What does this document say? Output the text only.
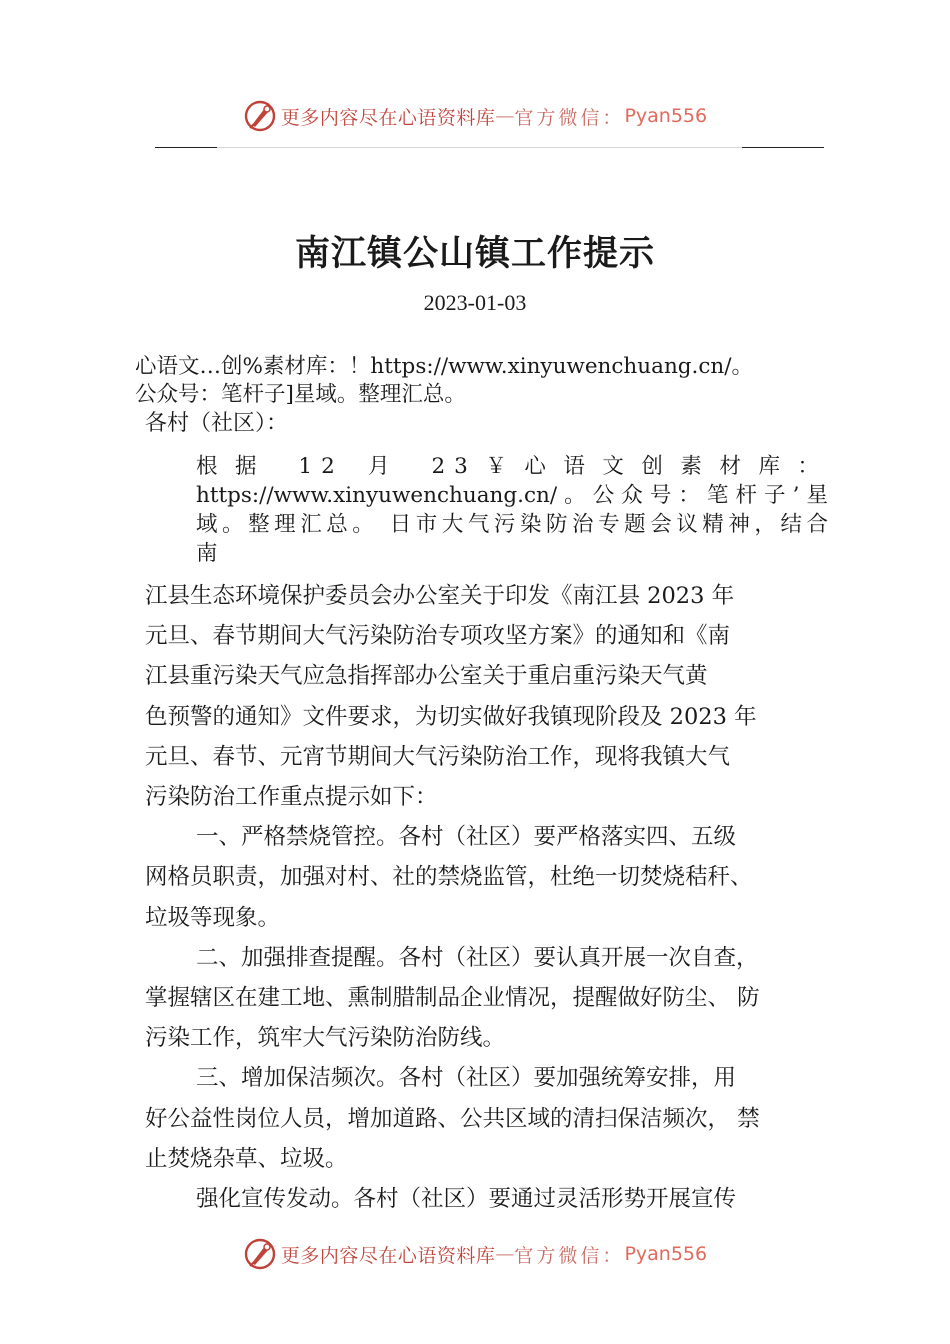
更多内容尽在心语资料库 — 官方微信： Pyan556
南江镇公山镇工作提示
2023-01-03
心语文…创%素材库：！https://www.xinyuwenchuang.cn/。
公众号：笔杆子]星域。整理汇总。
各村（社区）：
根据 12 月 23￥心语文创素材库：
https://www.xinyuwenchuang.cn/。公众号：笔杆子’星
域。整理汇总。 日市大气污染防治专题会议精神，结合
南

江县生态环境保护委员会办公室关于印发《南江县 2023 年
元旦、春节期间大气污染防治专项攻坚方案》的通知和《南
江县重污染天气应急指挥部办公室关于重启重污染天气黄
色预警的通知》文件要求，为切实做好我镇现阶段及 2023 年
元旦、春节、元宵节期间大气污染防治工作，现将我镇大气
污染防治工作重点提示如下：

一、严格禁烧管控。各村（社区）要严格落实四、五级
网格员职责，加强对村、社的禁烧监管，杜绝一切焚烧秸秆、
垃圾等现象。

二、加强排查提醒。各村（社区）要认真开展一次自查，
掌握辖区在建工地、熏制腊制品企业情况，提醒做好防尘、 防
污染工作，筑牢大气污染防治防线。

三、增加保洁频次。各村（社区）要加强统筹安排，用
好公益性岗位人员，增加道路、公共区域的清扫保洁频次， 禁
止焚烧杂草、垃圾。

强化宣传发动。各村（社区）要通过灵活形势开展宣传

更多内容尽在心语资料库 — 官方微信： Pyan556
